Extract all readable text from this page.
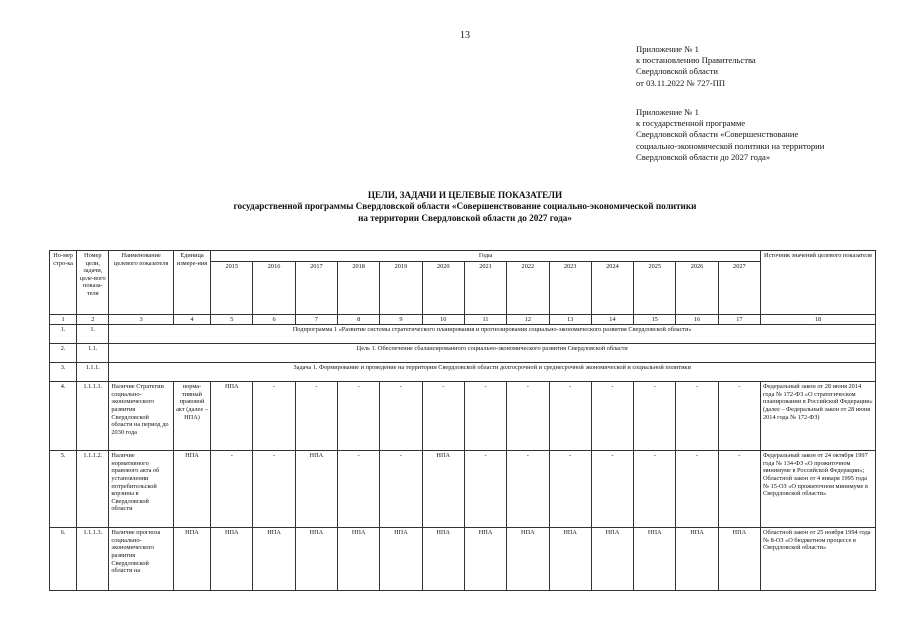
13
Приложение № 1
к постановлению Правительства
Свердловской области
от 03.11.2022 № 727-ПП
Приложение № 1
к государственной программе
Свердловской области «Совершенствование
социально-экономической политики на территории
Свердловской области до 2027 года»
ЦЕЛИ, ЗАДАЧИ И ЦЕЛЕВЫЕ ПОКАЗАТЕЛИ
государственной программы Свердловской области «Совершенствование социально-экономической политики
на территории Свердловской области до 2027 года»
Но-мер стро-ка	Номер цели, задачи, целе-вого показа-теля	Наименование целевого показателя	Единица измере-ния	Годы													Источник значений целевого показателя
				2015	2016	2017	2018	2019	2020	2021	2022	2023	2024	2025	2026	2027	
1	2	3	4	5	6	7	8	9	10	11	12	13	14	15	16	17	18
1.	1.	Подпрограмма 1 «Развитие системы стратегического планирования и прогнозирования социально-экономического развития Свердловской области»															
2.	1.1.	Цель 1. Обеспечение сбалансированного социально-экономического развития Свердловской области															
3.	1.1.1.	Задача 1. Формирование и проведение на территории Свердловской области долгосрочной и среднесрочной экономической и социальной политики															
4.	1.1.1.1.	Наличие Стратегии социально-экономического развития Свердловской области на период до 2030 года	норма-тивный правовой акт (далее – НПА)	НПА	-	-	-	-	-	-	-	-	-	-	-	-	Федеральный закон от 28 июня 2014 года № 172-ФЗ «О стратегическом планировании в Российской Федерации» (далее – Федеральный закон от 28 июня 2014 года № 172-ФЗ)
5.	1.1.1.2.	Наличие нормативного правового акта об установлении потребительской корзины в Свердловской области	НПА	-	-	НПА	-	-	НПА	-	-	-	-	-	-	-	Федеральный закон от 24 октября 1997 года № 134-ФЗ «О прожиточном минимуме в Российской Федерации»; Областной закон от 4 января 1995 года № 15-ОЗ «О прожиточном минимуме в Свердловской области»
6.	1.1.1.3.	Наличие прогноза социально-экономического развития Свердловской области на	НПА	НПА	НПА	НПА	НПА	НПА	НПА	НПА	НПА	НПА	НПА	НПА	НПА	НПА	Областной закон от 25 ноября 1994 года № 8-ОЗ «О бюджетном процессе в Свердловской области»
